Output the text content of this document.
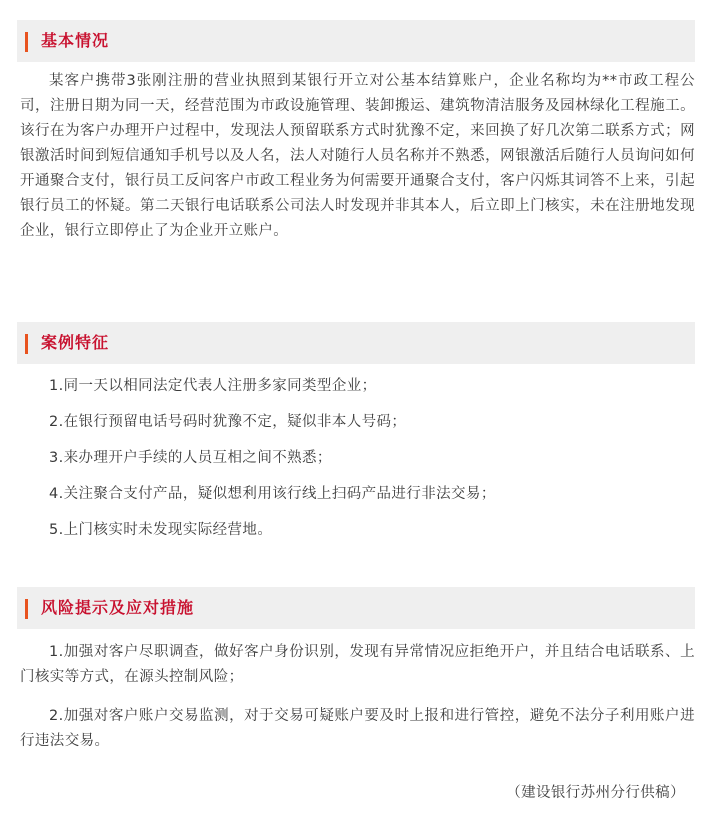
基本情况

某客户携带3张刚注册的营业执照到某银行开立对公基本结算账户，企业名称均为**市政工程公司，注册日期为同一天，经营范围为市政设施管理、装卸搬运、建筑物清洁服务及园林绿化工程施工。该行在为客户办理开户过程中，发现法人预留联系方式时犹豫不定，来回换了好几次第二联系方式；网银激活时间到短信通知手机号以及人名，法人对随行人员名称并不熟悉，网银激活后随行人员询问如何开通聚合支付，银行员工反问客户市政工程业务为何需要开通聚合支付，客户闪烁其词答不上来，引起银行员工的怀疑。第二天银行电话联系公司法人时发现并非其本人，后立即上门核实，未在注册地发现企业，银行立即停止了为企业开立账户。

案例特征
1.同一天以相同法定代表人注册多家同类型企业；
2.在银行预留电话号码时犹豫不定，疑似非本人号码；
3.来办理开户手续的人员互相之间不熟悉；
4.关注聚合支付产品，疑似想利用该行线上扫码产品进行非法交易；
5.上门核实时未发现实际经营地。
风险提示及应对措施

1.加强对客户尽职调查，做好客户身份识别，发现有异常情况应拒绝开户，并且结合电话联系、上门核实等方式，在源头控制风险；

2.加强对客户账户交易监测，对于交易可疑账户要及时上报和进行管控，避免不法分子利用账户进行违法交易。

（建设银行苏州分行供稿）
